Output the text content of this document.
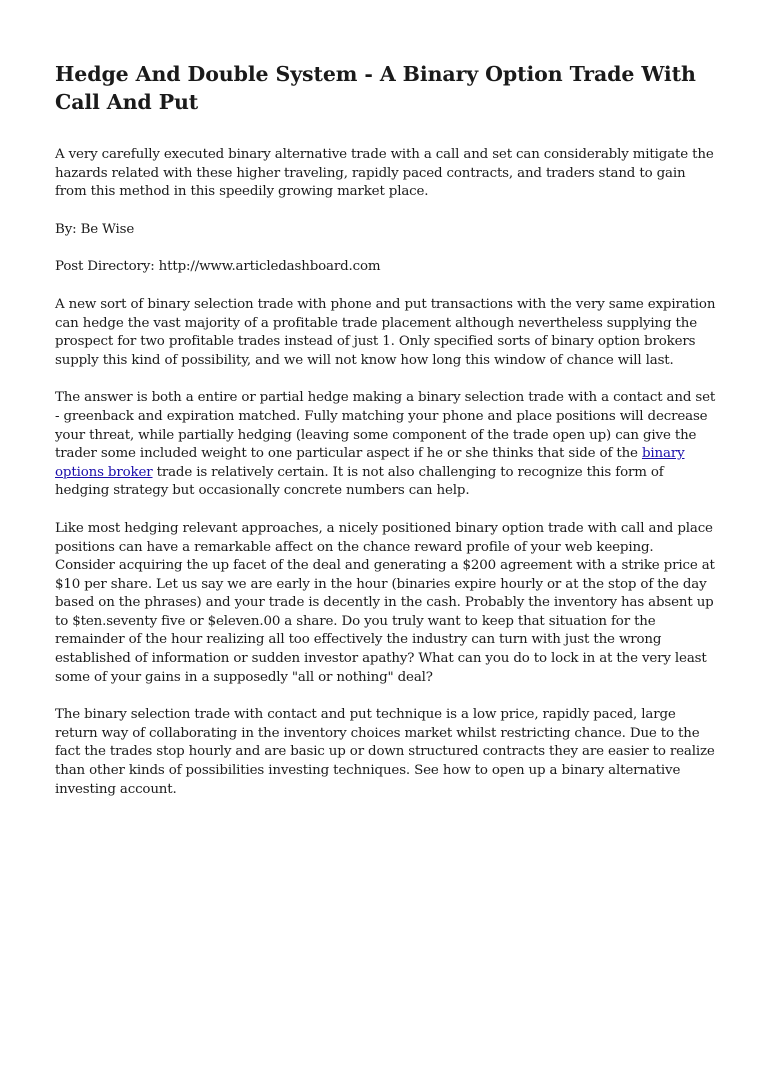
Hedge And Double System - A Binary Option Trade With Call And Put

A very carefully executed binary alternative trade with a call and set can considerably mitigate the hazards related with these higher traveling, rapidly paced contracts, and traders stand to gain from this method in this speedily growing market place.

By: Be Wise

Post Directory: http://www.articledashboard.com

A new sort of binary selection trade with phone and put transactions with the very same expiration can hedge the vast majority of a profitable trade placement although nevertheless supplying the prospect for two profitable trades instead of just 1. Only specified sorts of binary option brokers supply this kind of possibility, and we will not know how long this window of chance will last.

The answer is both a entire or partial hedge making a binary selection trade with a contact and set - greenback and expiration matched. Fully matching your phone and place positions will decrease your threat, while partially hedging (leaving some component of the trade open up) can give the trader some included weight to one particular aspect if he or she thinks that side of the binary options broker trade is relatively certain. It is not also challenging to recognize this form of hedging strategy but occasionally concrete numbers can help.

Like most hedging relevant approaches, a nicely positioned binary option trade with call and place positions can have a remarkable affect on the chance reward profile of your web keeping. Consider acquiring the up facet of the deal and generating a $200 agreement with a strike price at $10 per share. Let us say we are early in the hour (binaries expire hourly or at the stop of the day based on the phrases) and your trade is decently in the cash. Probably the inventory has absent up to $ten.seventy five or $eleven.00 a share. Do you truly want to keep that situation for the remainder of the hour realizing all too effectively the industry can turn with just the wrong established of information or sudden investor apathy? What can you do to lock in at the very least some of your gains in a supposedly "all or nothing" deal?

The binary selection trade with contact and put technique is a low price, rapidly paced, large return way of collaborating in the inventory choices market whilst restricting chance. Due to the fact the trades stop hourly and are basic up or down structured contracts they are easier to realize than other kinds of possibilities investing techniques. See how to open up a binary alternative investing account.
